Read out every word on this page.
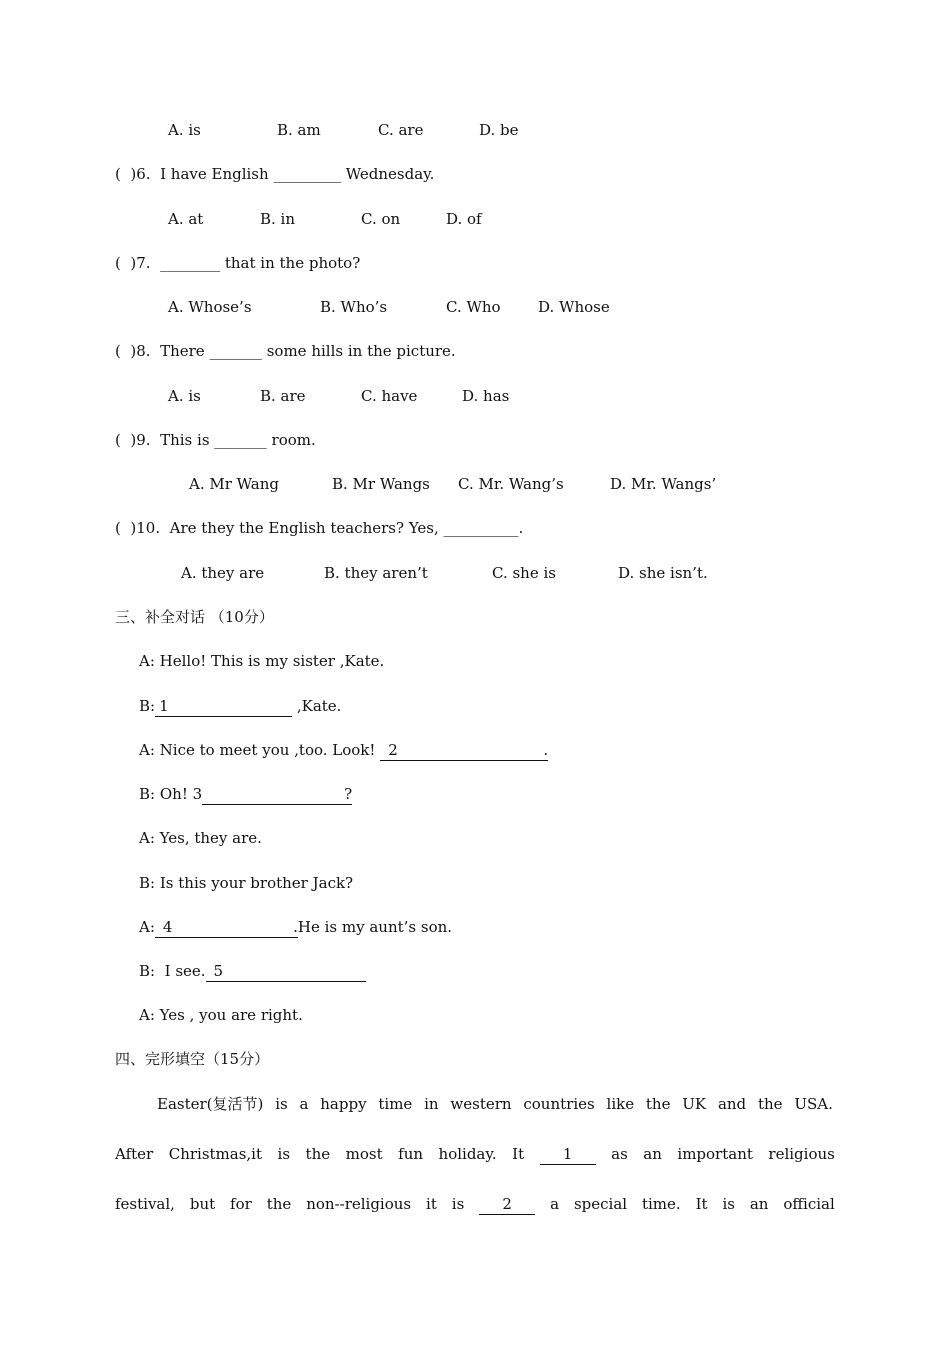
A. is	B. am	C. are	D. be
(  )6.  I have English _________ Wednesday.
A. at	B. in	C. on	D. of
(  )7.  ________ that in the photo?
A. Whose’s	B. Who’s	C. Who D. Whose
(  )8.  There _______ some hills in the picture.
A. is	B. are	C. have	D. has
(  )9.  This is _______ room.
A. Mr Wang	B. Mr Wangs C. Mr. Wang’s	D. Mr. Wangs’
(  )10.  Are they the English teachers? Yes, __________.
A. they are	B. they aren’t	C. she is	D. she isn’t.
三、补全对话 （10分）
A: Hello! This is my sister ,Kate.
B: 1	,Kate.
A: Nice to meet you ,too. Look! 2	.
B: Oh! 3	?
A: Yes, they are.
B: Is this your brother Jack?
A: 4	. He is my aunt’s son.
B:  I see. 5
A: Yes , you are right.
四、完形填空（15分）
Easter(复活节) is a happy time in western countries like the UK and the USA.
After Christmas,it is the most fun holiday. It	1	as an important religious
festival, but for the non--religious it is	2	a special time. It is an official
